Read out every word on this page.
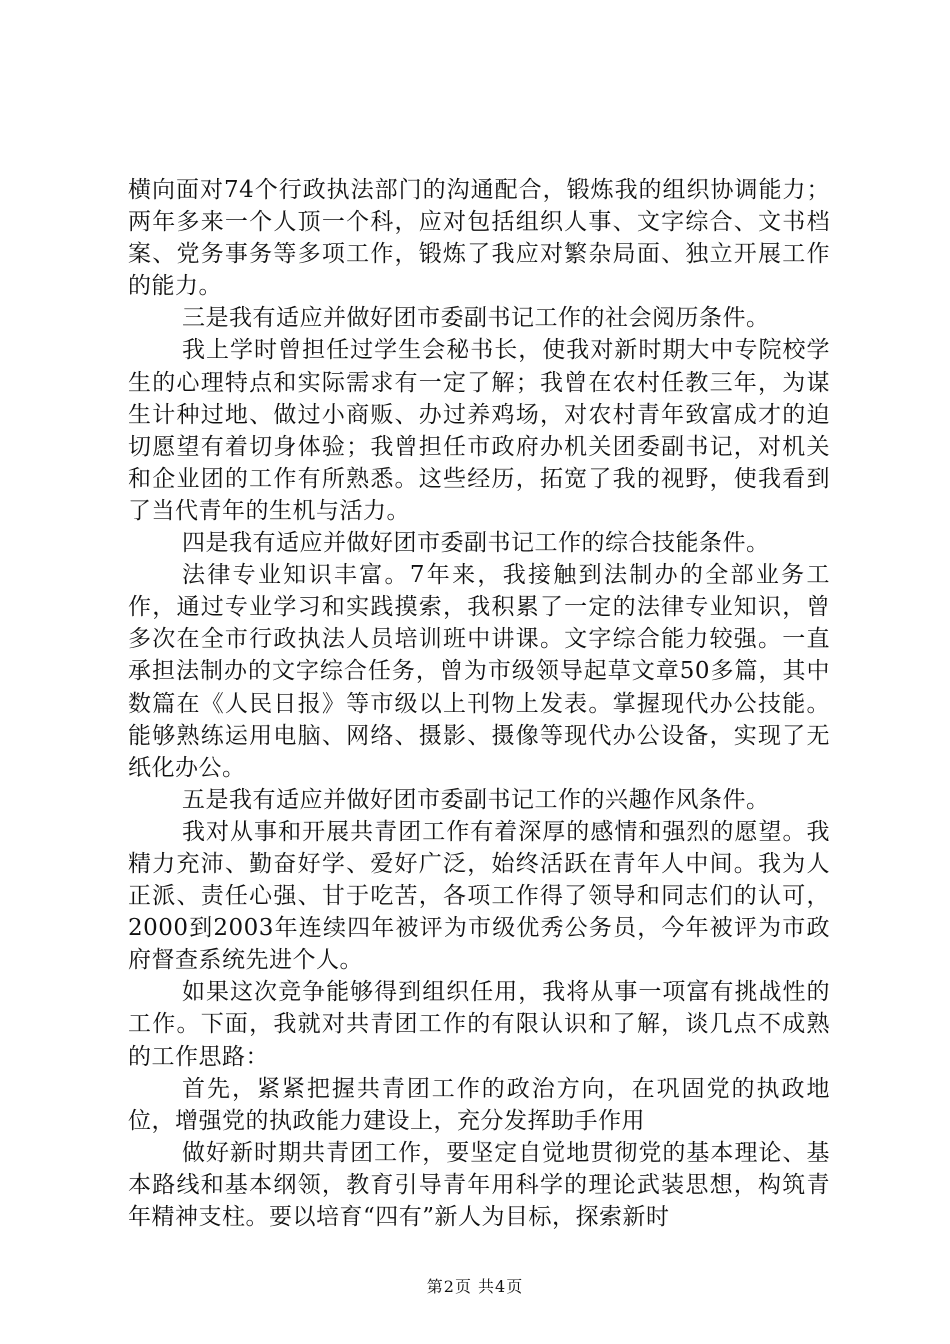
横向面对74个行政执法部门的沟通配合，锻炼我的组织协调能力；两年多来一个人顶一个科，应对包括组织人事、文字综合、文书档案、党务事务等多项工作，锻炼了我应对繁杂局面、独立开展工作的能力。

三是我有适应并做好团市委副书记工作的社会阅历条件。

我上学时曾担任过学生会秘书长，使我对新时期大中专院校学生的心理特点和实际需求有一定了解；我曾在农村任教三年，为谋生计种过地、做过小商贩、办过养鸡场，对农村青年致富成才的迫切愿望有着切身体验；我曾担任市政府办机关团委副书记，对机关和企业团的工作有所熟悉。这些经历，拓宽了我的视野，使我看到了当代青年的生机与活力。

四是我有适应并做好团市委副书记工作的综合技能条件。

法律专业知识丰富。7年来，我接触到法制办的全部业务工作，通过专业学习和实践摸索，我积累了一定的法律专业知识，曾多次在全市行政执法人员培训班中讲课。文字综合能力较强。一直承担法制办的文字综合任务，曾为市级领导起草文章50多篇，其中数篇在《人民日报》等市级以上刊物上发表。掌握现代办公技能。能够熟练运用电脑、网络、摄影、摄像等现代办公设备，实现了无纸化办公。

五是我有适应并做好团市委副书记工作的兴趣作风条件。

我对从事和开展共青团工作有着深厚的感情和强烈的愿望。我精力充沛、勤奋好学、爱好广泛，始终活跃在青年人中间。我为人正派、责任心强、甘于吃苦，各项工作得了领导和同志们的认可，2000到2003年连续四年被评为市级优秀公务员，今年被评为市政府督查系统先进个人。

如果这次竞争能够得到组织任用，我将从事一项富有挑战性的工作。下面，我就对共青团工作的有限认识和了解，谈几点不成熟的工作思路：

首先，紧紧把握共青团工作的政治方向，在巩固党的执政地位，增强党的执政能力建设上，充分发挥助手作用

做好新时期共青团工作，要坚定自觉地贯彻党的基本理论、基本路线和基本纲领，教育引导青年用科学的理论武装思想，构筑青年精神支柱。要以培育“四有”新人为目标，探索新时

第2页 共4页
